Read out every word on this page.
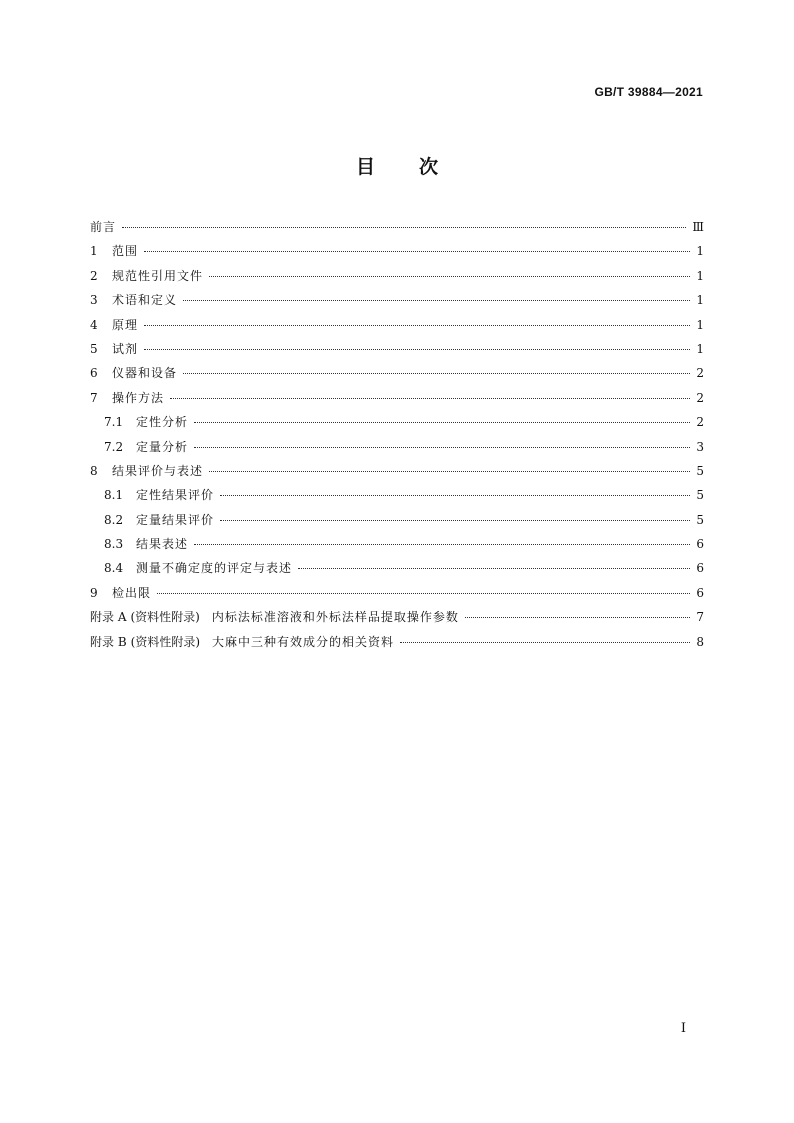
GB/T 39884—2021
目 次
前言	Ⅲ
1	范围	1
2	规范性引用文件	1
3	术语和定义	1
4	原理	1
5	试剂	1
6	仪器和设备	2
7	操作方法	2
7.1	定性分析	2
7.2	定量分析	3
8	结果评价与表述	5
8.1	定性结果评价	5
8.2	定量结果评价	5
8.3	结果表述	6
8.4	测量不确定度的评定与表述	6
9	检出限	6
附录 A (资料性附录) 内标法标准溶液和外标法样品提取操作参数	7
附录 B (资料性附录) 大麻中三种有效成分的相关资料	8
I
